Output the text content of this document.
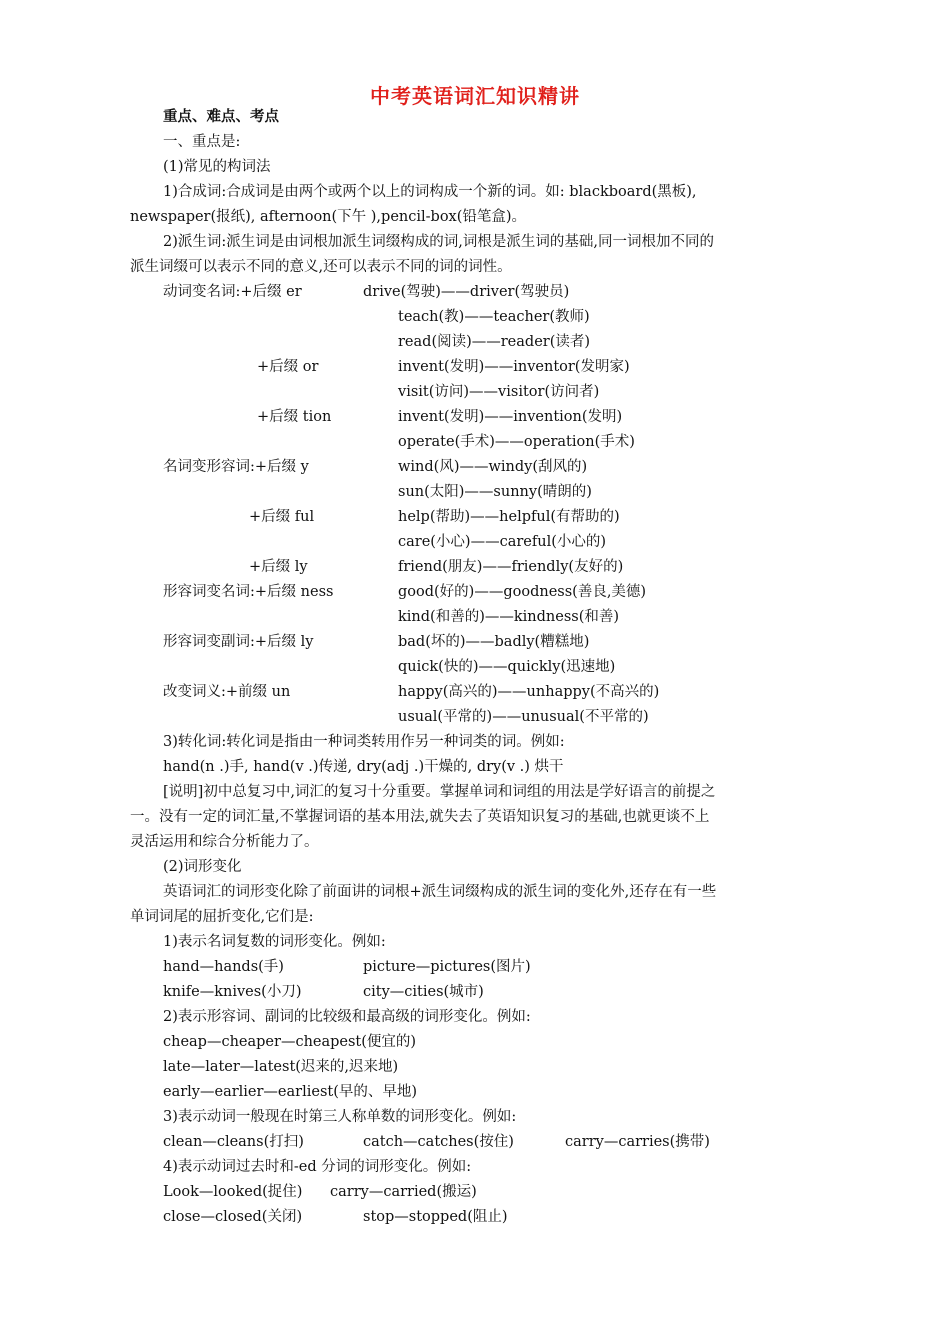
中考英语词汇知识精讲
重点、难点、考点
一、重点是:
(1)常见的构词法
1)合成词:合成词是由两个或两个以上的词构成一个新的词。如: blackboard(黑板),
newspaper(报纸), afternoon(下午 ),pencil-box(铅笔盒)。
2)派生词:派生词是由词根加派生词缀构成的词,词根是派生词的基础,同一词根加不同的
派生词缀可以表示不同的意义,还可以表示不同的词的词性。
动词变名词:+后缀 er	drive(驾驶)——driver(驾驶员)
teach(教)——teacher(教师)
read(阅读)——reader(读者)
+后缀 or	invent(发明)——inventor(发明家)
visit(访问)——visitor(访问者)
+后缀 tion	invent(发明)——invention(发明)
operate(手术)——operation(手术)
名词变形容词:+后缀 y	wind(风)——windy(刮风的)
sun(太阳)——sunny(晴朗的)
+后缀 ful	help(帮助)——helpful(有帮助的)
care(小心)——careful(小心的)
+后缀 ly	friend(朋友)——friendly(友好的)
形容词变名词:+后缀 ness	good(好的)——goodness(善良,美德)
kind(和善的)——kindness(和善)
形容词变副词:+后缀 ly	bad(坏的)——badly(糟糕地)
quick(快的)——quickly(迅速地)
改变词义:+前缀 un	happy(高兴的)——unhappy(不高兴的)
usual(平常的)——unusual(不平常的)
3)转化词:转化词是指由一种词类转用作另一种词类的词。例如:
hand(n .)手, hand(v .)传递, dry(adj .)干燥的, dry(v .) 烘干
[说明]初中总复习中,词汇的复习十分重要。掌握单词和词组的用法是学好语言的前提之
一。没有一定的词汇量,不掌握词语的基本用法,就失去了英语知识复习的基础,也就更谈不上
灵活运用和综合分析能力了。
(2)词形变化
英语词汇的词形变化除了前面讲的词根+派生词缀构成的派生词的变化外,还存在有一些
单词词尾的屈折变化,它们是:
1)表示名词复数的词形变化。例如:
hand—hands(手)	picture—pictures(图片)
knife—knives(小刀)	city—cities(城市)
2)表示形容词、副词的比较级和最高级的词形变化。例如:
cheap—cheaper—cheapest(便宜的)
late—later—latest(迟来的,迟来地)
early—earlier—earliest(早的、早地)
3)表示动词一般现在时第三人称单数的词形变化。例如:
clean—cleans(打扫)	catch—catches(按住)	carry—carries(携带)
4)表示动词过去时和-ed 分词的词形变化。例如:
Look—looked(捉住) carry—carried(搬运)
close—closed(关闭)	stop—stopped(阻止)
